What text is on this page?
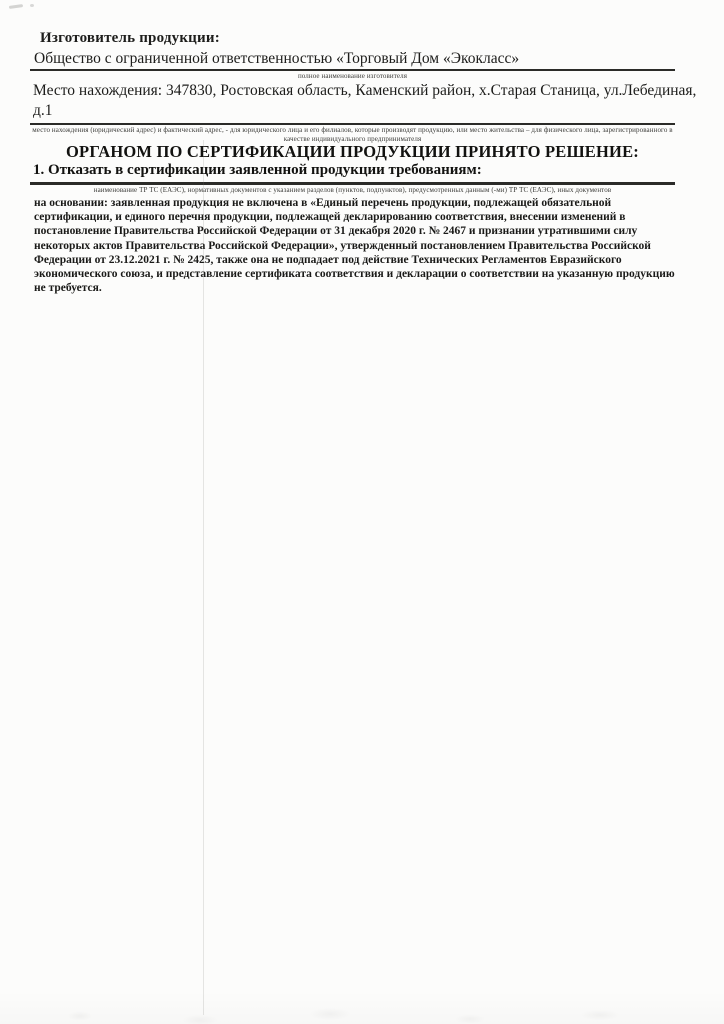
Изготовитель продукции:
Общество с ограниченной ответственностью «Торговый Дом «Экокласс»
полное наименование изготовителя
Место нахождения: 347830, Ростовская область, Каменский район, х.Старая Станица, ул.Лебединая, д.1
место нахождения (юридический адрес) и фактический адрес, - для юридического лица и его филиалов, которые производят продукцию, или место жительства – для физического лица, зарегистрированного в качестве индивидуального предпринимателя
ОРГАНОМ ПО СЕРТИФИКАЦИИ ПРОДУКЦИИ ПРИНЯТО РЕШЕНИЕ:
1. Отказать в сертификации заявленной продукции требованиям:
наименование ТР ТС (ЕАЭС), нормативных документов с указанием разделов (пунктов, подпунктов), предусмотренных данным (-ми) ТР ТС (ЕАЭС), иных документов
на основании: заявленная продукция не включена в «Единый перечень продукции, подлежащей обязательной сертификации, и единого перечня продукции, подлежащей декларированию соответствия, внесении изменений в постановление Правительства Российской Федерации от 31 декабря 2020 г. № 2467 и признании утратившими силу некоторых актов Правительства Российской Федерации», утвержденный постановлением Правительства Российской Федерации от 23.12.2021 г. № 2425, также она не подпадает под действие Технических Регламентов Евразийского экономического союза, и представление сертификата соответствия и декларации о соответствии на указанную продукцию не требуется.
